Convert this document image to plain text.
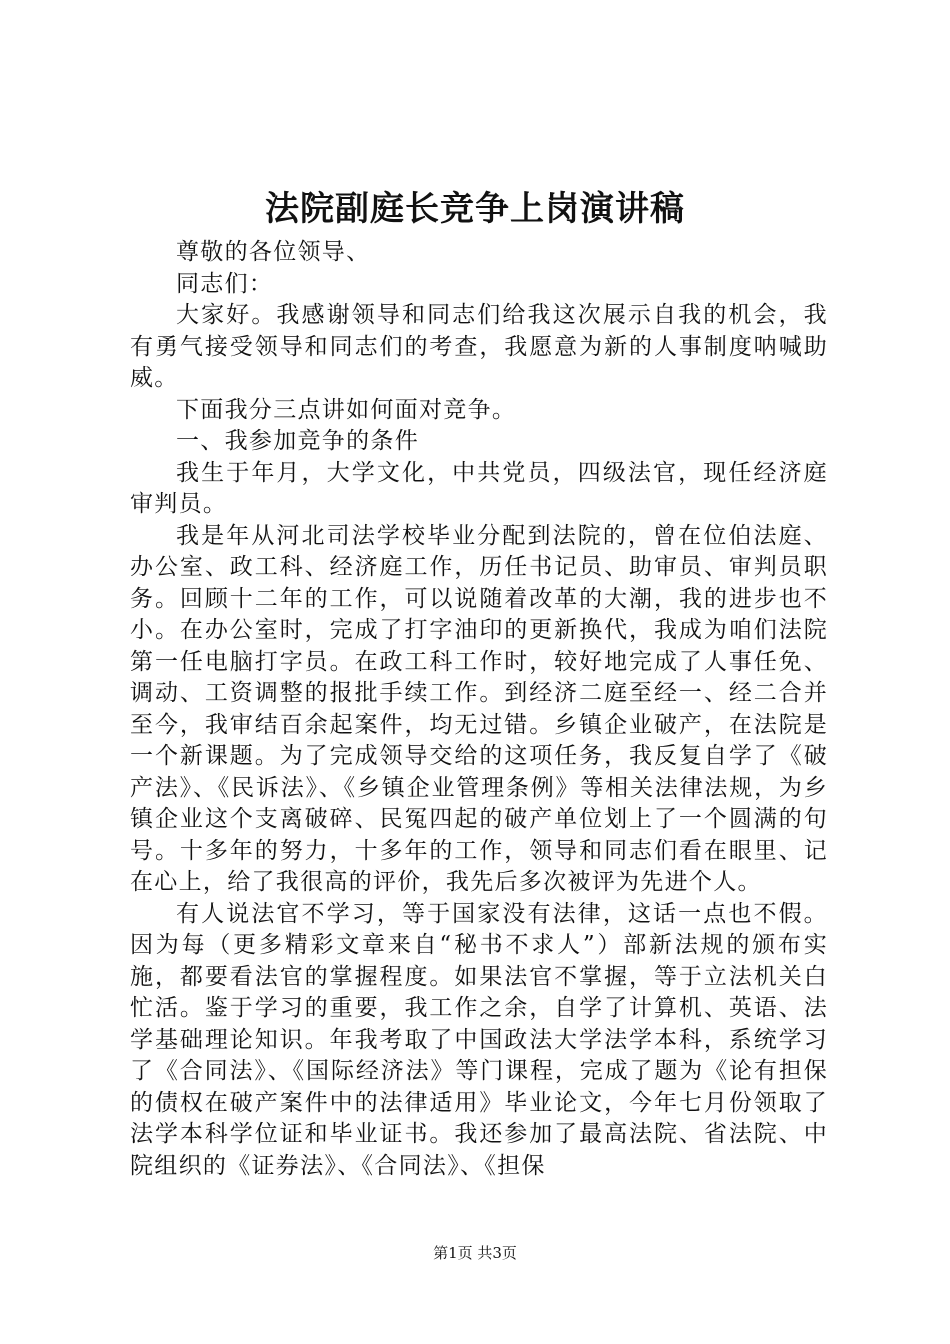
法院副庭长竞争上岗演讲稿

尊敬的各位领导、

同志们：

大家好。我感谢领导和同志们给我这次展示自我的机会，我有勇气接受领导和同志们的考查，我愿意为新的人事制度呐喊助威。

下面我分三点讲如何面对竞争。

一、我参加竞争的条件

我生于年月，大学文化，中共党员，四级法官，现任经济庭审判员。

我是年从河北司法学校毕业分配到法院的，曾在位伯法庭、办公室、政工科、经济庭工作，历任书记员、助审员、审判员职务。回顾十二年的工作，可以说随着改革的大潮，我的进步也不小。在办公室时，完成了打字油印的更新换代，我成为咱们法院第一任电脑打字员。在政工科工作时，较好地完成了人事任免、调动、工资调整的报批手续工作。到经济二庭至经一、经二合并至今，我审结百余起案件，均无过错。乡镇企业破产，在法院是一个新课题。为了完成领导交给的这项任务，我反复自学了《破产法》、《民诉法》、《乡镇企业管理条例》等相关法律法规，为乡镇企业这个支离破碎、民冤四起的破产单位划上了一个圆满的句号。十多年的努力，十多年的工作，领导和同志们看在眼里、记在心上，给了我很高的评价，我先后多次被评为先进个人。

有人说法官不学习，等于国家没有法律，这话一点也不假。因为每（更多精彩文章来自“秘书不求人”）部新法规的颁布实施，都要看法官的掌握程度。如果法官不掌握，等于立法机关白忙活。鉴于学习的重要，我工作之余，自学了计算机、英语、法学基础理论知识。年我考取了中国政法大学法学本科，系统学习了《合同法》、《国际经济法》等门课程，完成了题为《论有担保的债权在破产案件中的法律适用》毕业论文，今年七月份领取了法学本科学位证和毕业证书。我还参加了最高法院、省法院、中院组织的《证券法》、《合同法》、《担保

第1页 共3页
